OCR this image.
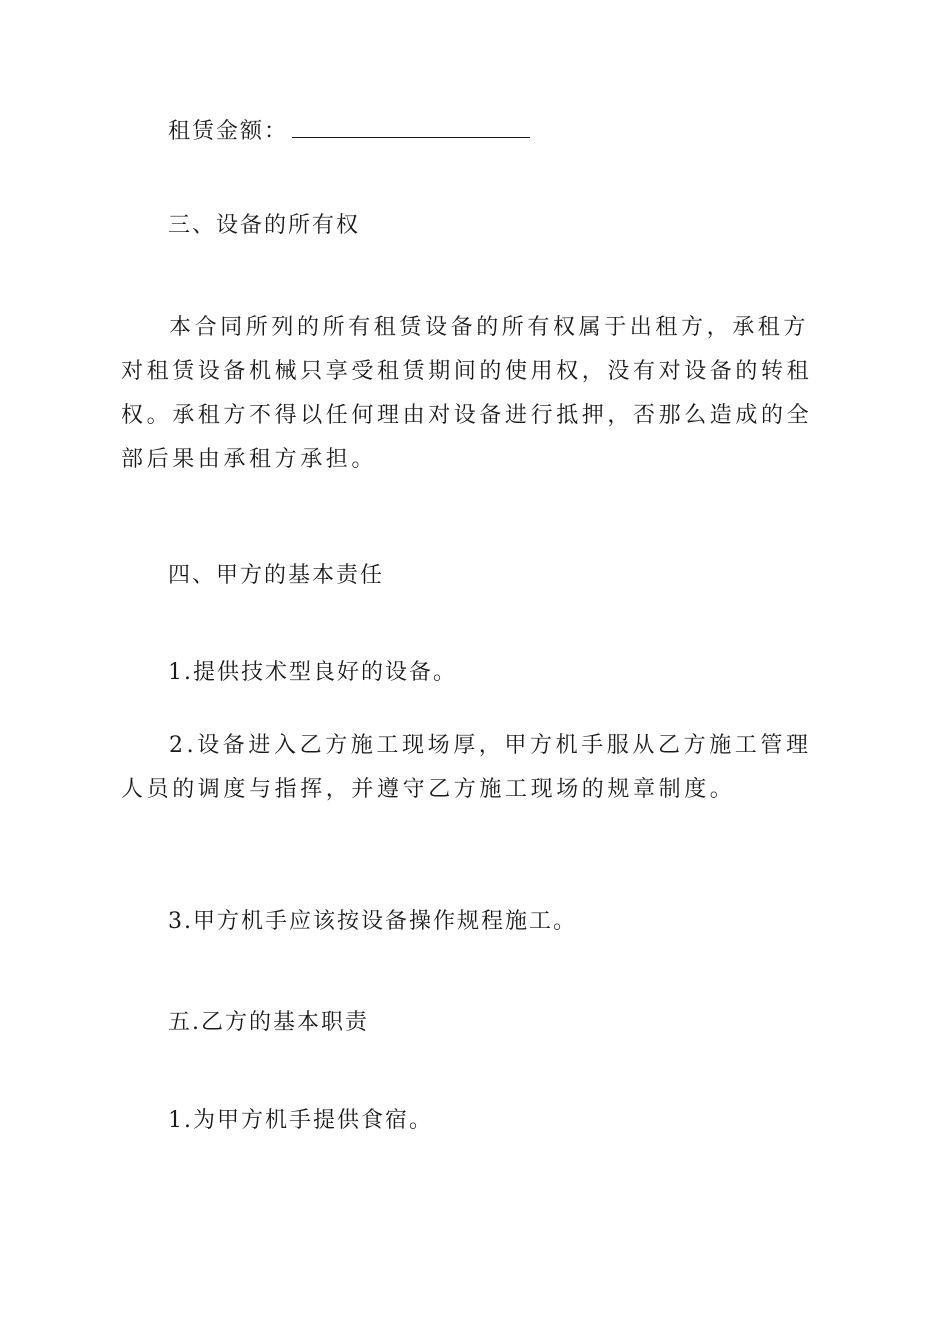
租赁金额：
三、设备的所有权

本合同所列的所有租赁设备的所有权属于出租方，承租方对租赁设备机械只享受租赁期间的使用权，没有对设备的转租权。承租方不得以任何理由对设备进行抵押，否那么造成的全部后果由承租方承担。

四、甲方的基本责任
1.提供技术型良好的设备。

2.设备进入乙方施工现场厚，甲方机手服从乙方施工管理人员的调度与指挥，并遵守乙方施工现场的规章制度。

3.甲方机手应该按设备操作规程施工。
五.乙方的基本职责
1.为甲方机手提供食宿。
